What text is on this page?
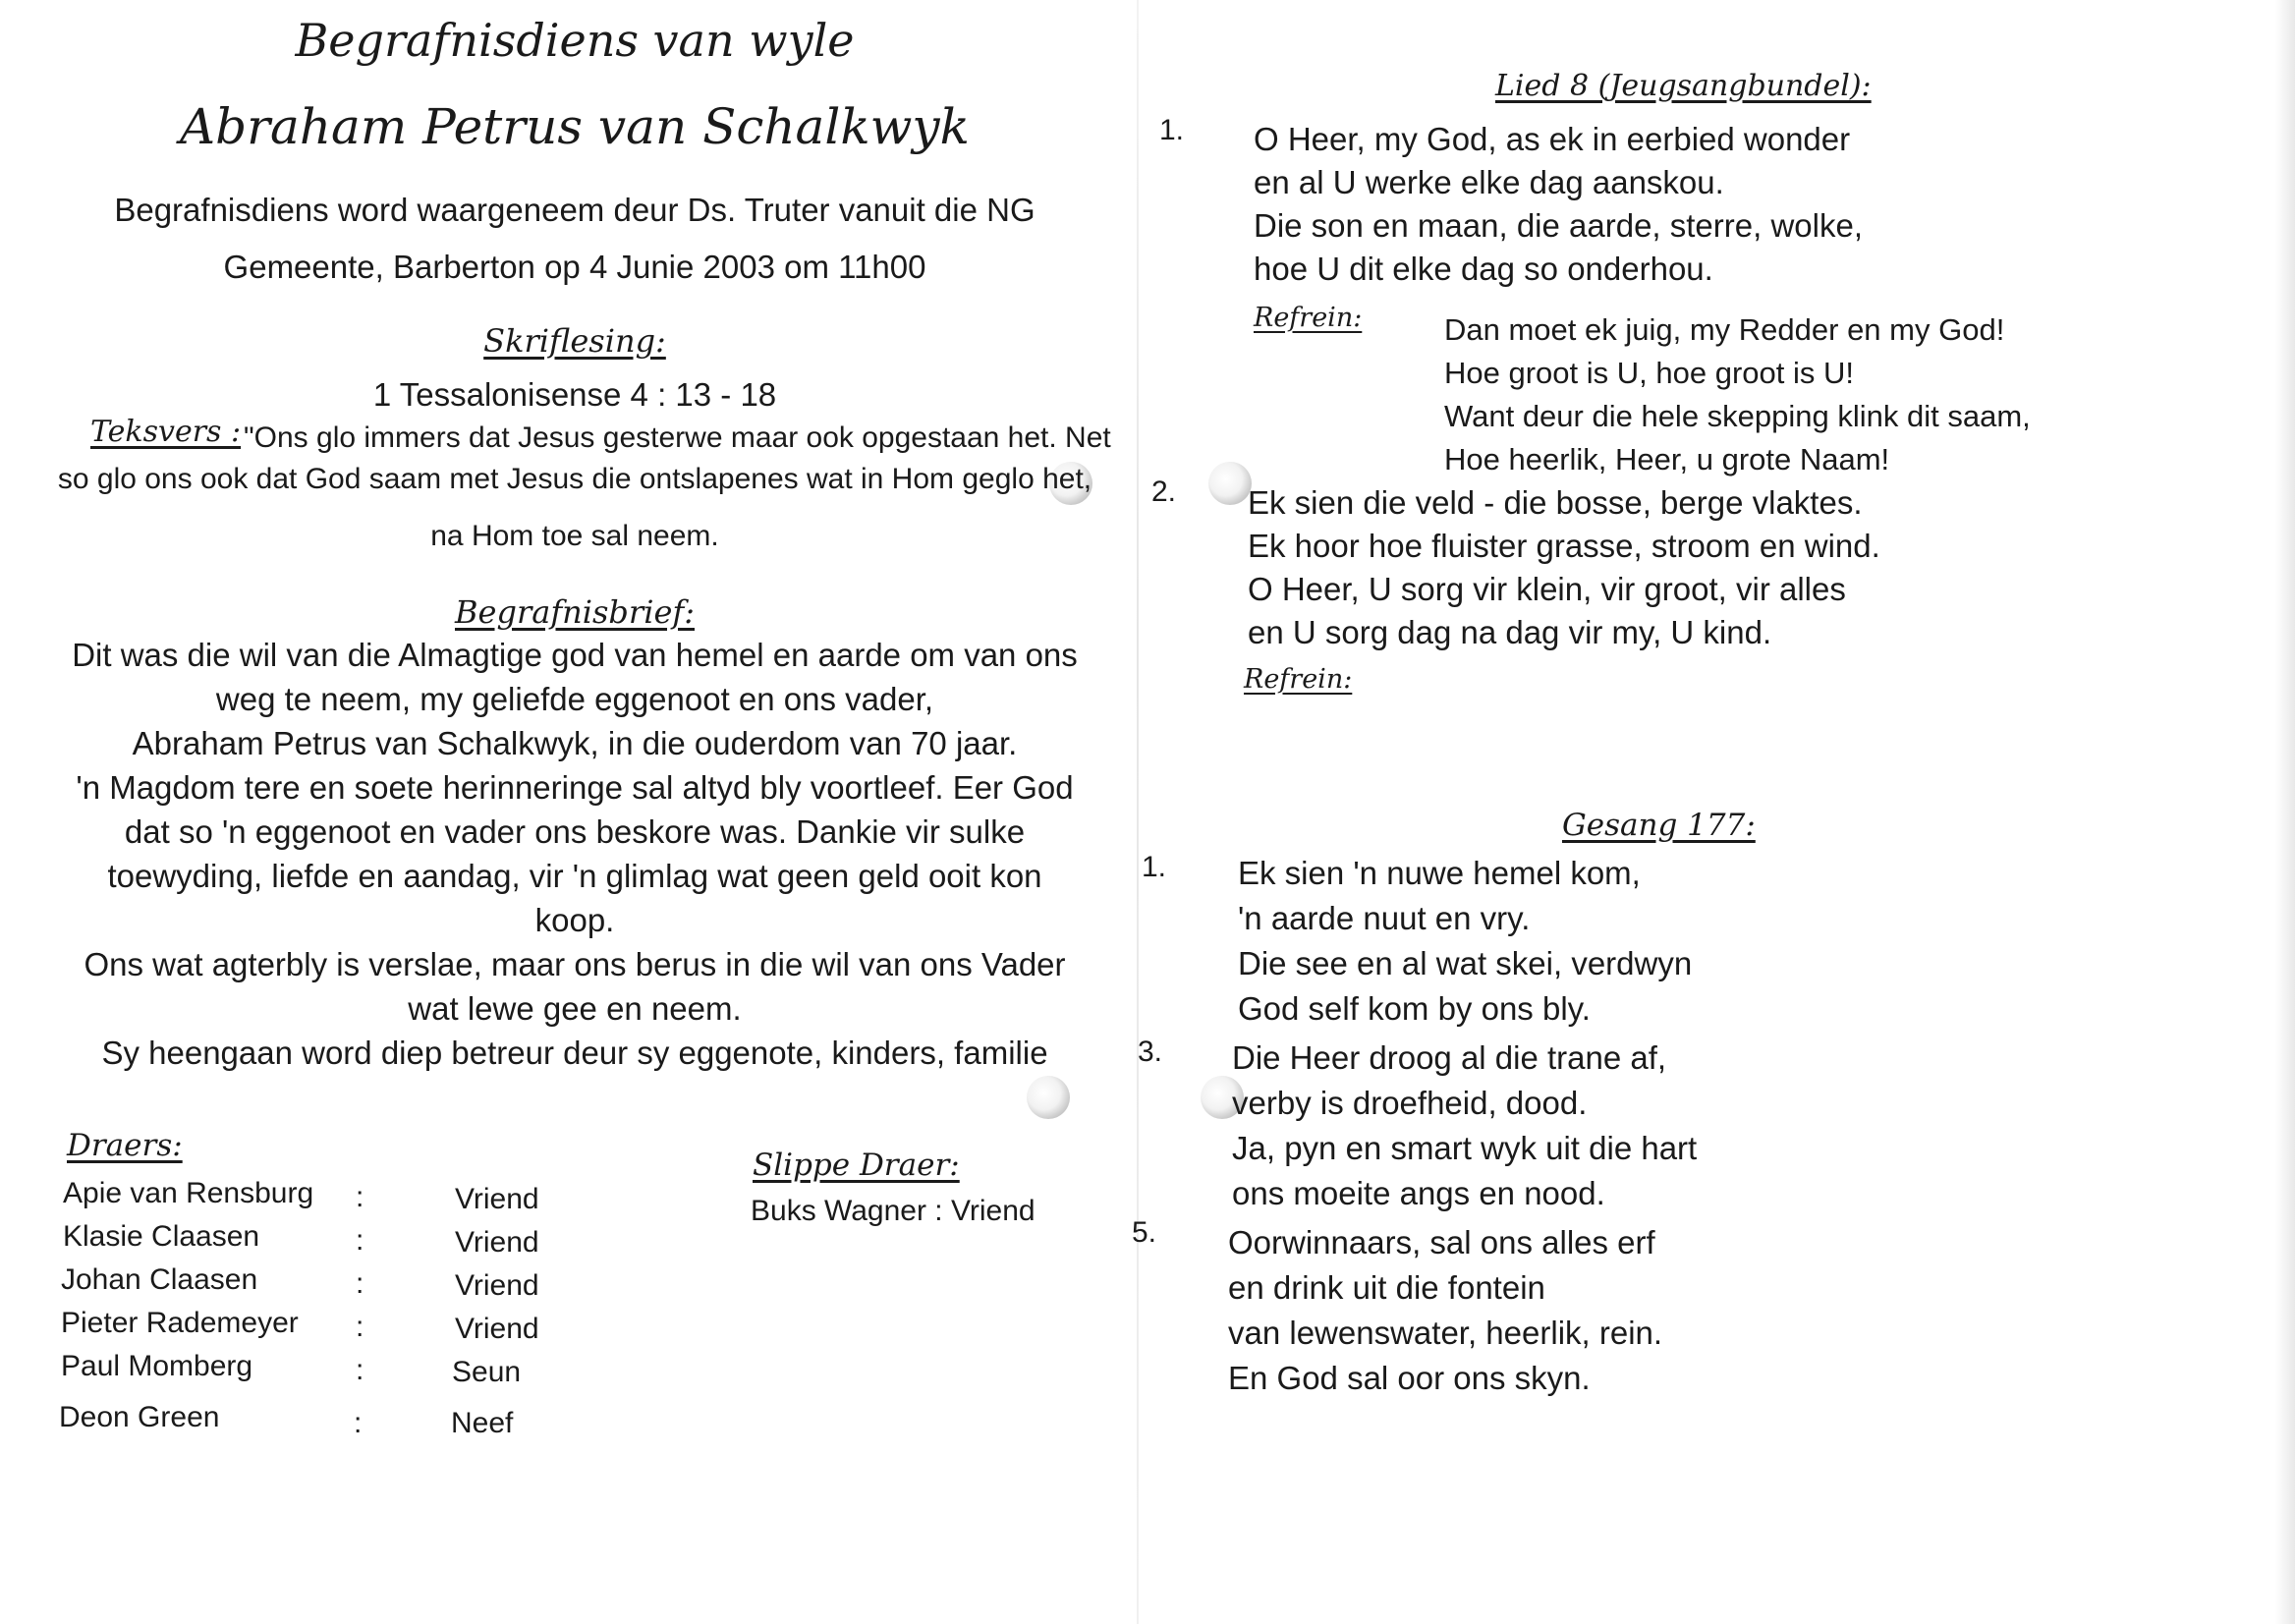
Begrafnisdiens van wyle
Abraham Petrus van Schalkwyk
Begrafnisdiens word waargeneem deur Ds. Truter vanuit die NG
Gemeente, Barberton op 4 Junie 2003 om 11h00
Skriflesing:
1 Tessalonisense 4 : 13 - 18
Teksvers : "Ons glo immers dat Jesus gesterwe maar ook opgestaan het. Net
so glo ons ook dat God saam met Jesus die ontslapenes wat in Hom geglo het,
na Hom toe sal neem.
Begrafnisbrief:
Dit was die wil van die Almagtige god van hemel en aarde om van ons
weg te neem, my geliefde eggenoot en ons vader,
Abraham Petrus van Schalkwyk, in die ouderdom van 70 jaar.
'n Magdom tere en soete herinneringe sal altyd bly voortleef. Eer God
dat so 'n eggenoot en vader ons beskore was. Dankie vir sulke
toewyding, liefde en aandag, vir 'n glimlag wat geen geld ooit kon
koop.
Ons wat agterbly is verslae, maar ons berus in die wil van ons Vader
wat lewe gee en neem.
Sy heengaan word diep betreur deur sy eggenote, kinders, familie
Draers:
Apie van Rensburg :	Vriend
Klasie Claasen	:	Vriend
Johan Claasen	:	Vriend
Pieter Rademeyer :	Vriend
Paul Momberg	:	Seun
Deon Green	:	Neef
Slippe Draer:
Buks Wagner : Vriend
Lied 8 (Jeugsangbundel):
1. O Heer, my God, as ek in eerbied wonder
en al U werke elke dag aanskou.
Die son en maan, die aarde, sterre, wolke,
hoe U dit elke dag so onderhou.
Refrein:	Dan moet ek juig, my Redder en my God!
Hoe groot is U, hoe groot is U!
Want deur die hele skepping klink dit saam,
Hoe heerlik, Heer, u grote Naam!
2. Ek sien die veld - die bosse, berge vlaktes.
Ek hoor hoe fluister grasse, stroom en wind.
O Heer, U sorg vir klein, vir groot, vir alles
en U sorg dag na dag vir my, U kind.
Refrein:
Gesang 177:
1. Ek sien 'n nuwe hemel kom,
'n aarde nuut en vry.
Die see en al wat skei, verdwyn
God self kom by ons bly.
3. Die Heer droog al die trane af,
verby is droefheid, dood.
Ja, pyn en smart wyk uit die hart
ons moeite angs en nood.
5. Oorwinnaars, sal ons alles erf
en drink uit die fontein
van lewenswater, heerlik, rein.
En God sal oor ons skyn.
